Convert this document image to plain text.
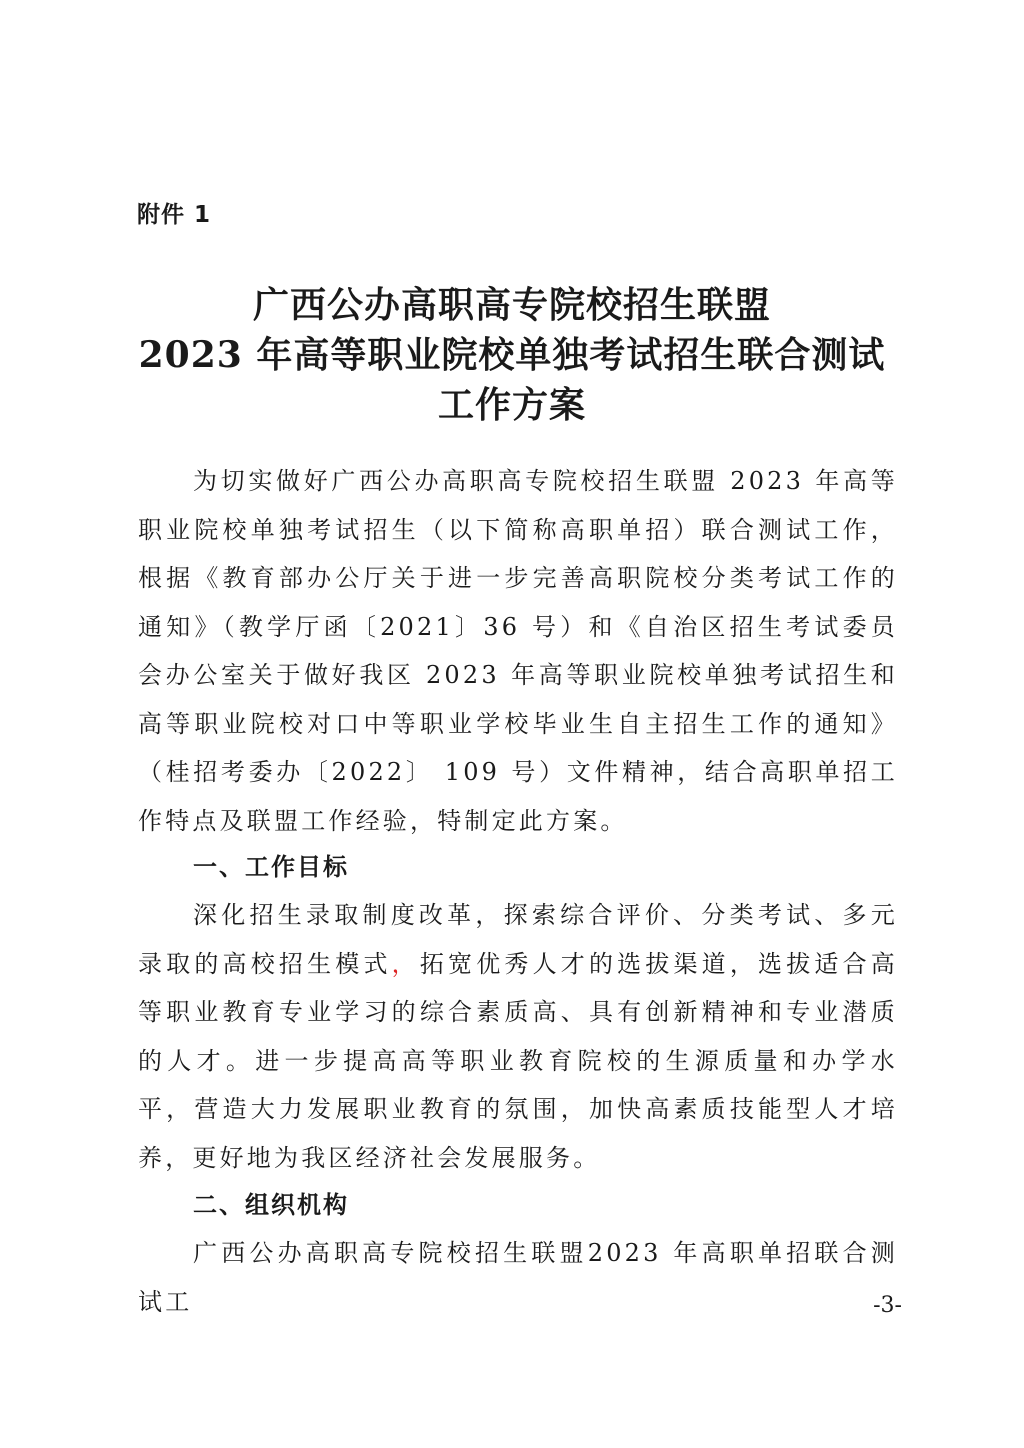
附件 1
广西公办高职高专院校招生联盟
2023 年高等职业院校单独考试招生联合测试
工作方案

为切实做好广西公办高职高专院校招生联盟 2023 年高等职业院校单独考试招生（以下简称高职单招）联合测试工作，根据《教育部办公厅关于进一步完善高职院校分类考试工作的通知》（教学厅函〔2021〕36 号）和《自治区招生考试委员会办公室关于做好我区 2023 年高等职业院校单独考试招生和高等职业院校对口中等职业学校毕业生自主招生工作的通知》（桂招考委办〔2022〕 109 号）文件精神，结合高职单招工作特点及联盟工作经验，特制定此方案。

一、工作目标

深化招生录取制度改革，探索综合评价、分类考试、多元录取的高校招生模式，拓宽优秀人才的选拔渠道，选拔适合高等职业教育专业学习的综合素质高、具有创新精神和专业潜质的人才。进一步提高高等职业教育院校的生源质量和办学水平，营造大力发展职业教育的氛围，加快高素质技能型人才培养，更好地为我区经济社会发展服务。

二、组织机构

广西公办高职高专院校招生联盟2023 年高职单招联合测试工	-3-
